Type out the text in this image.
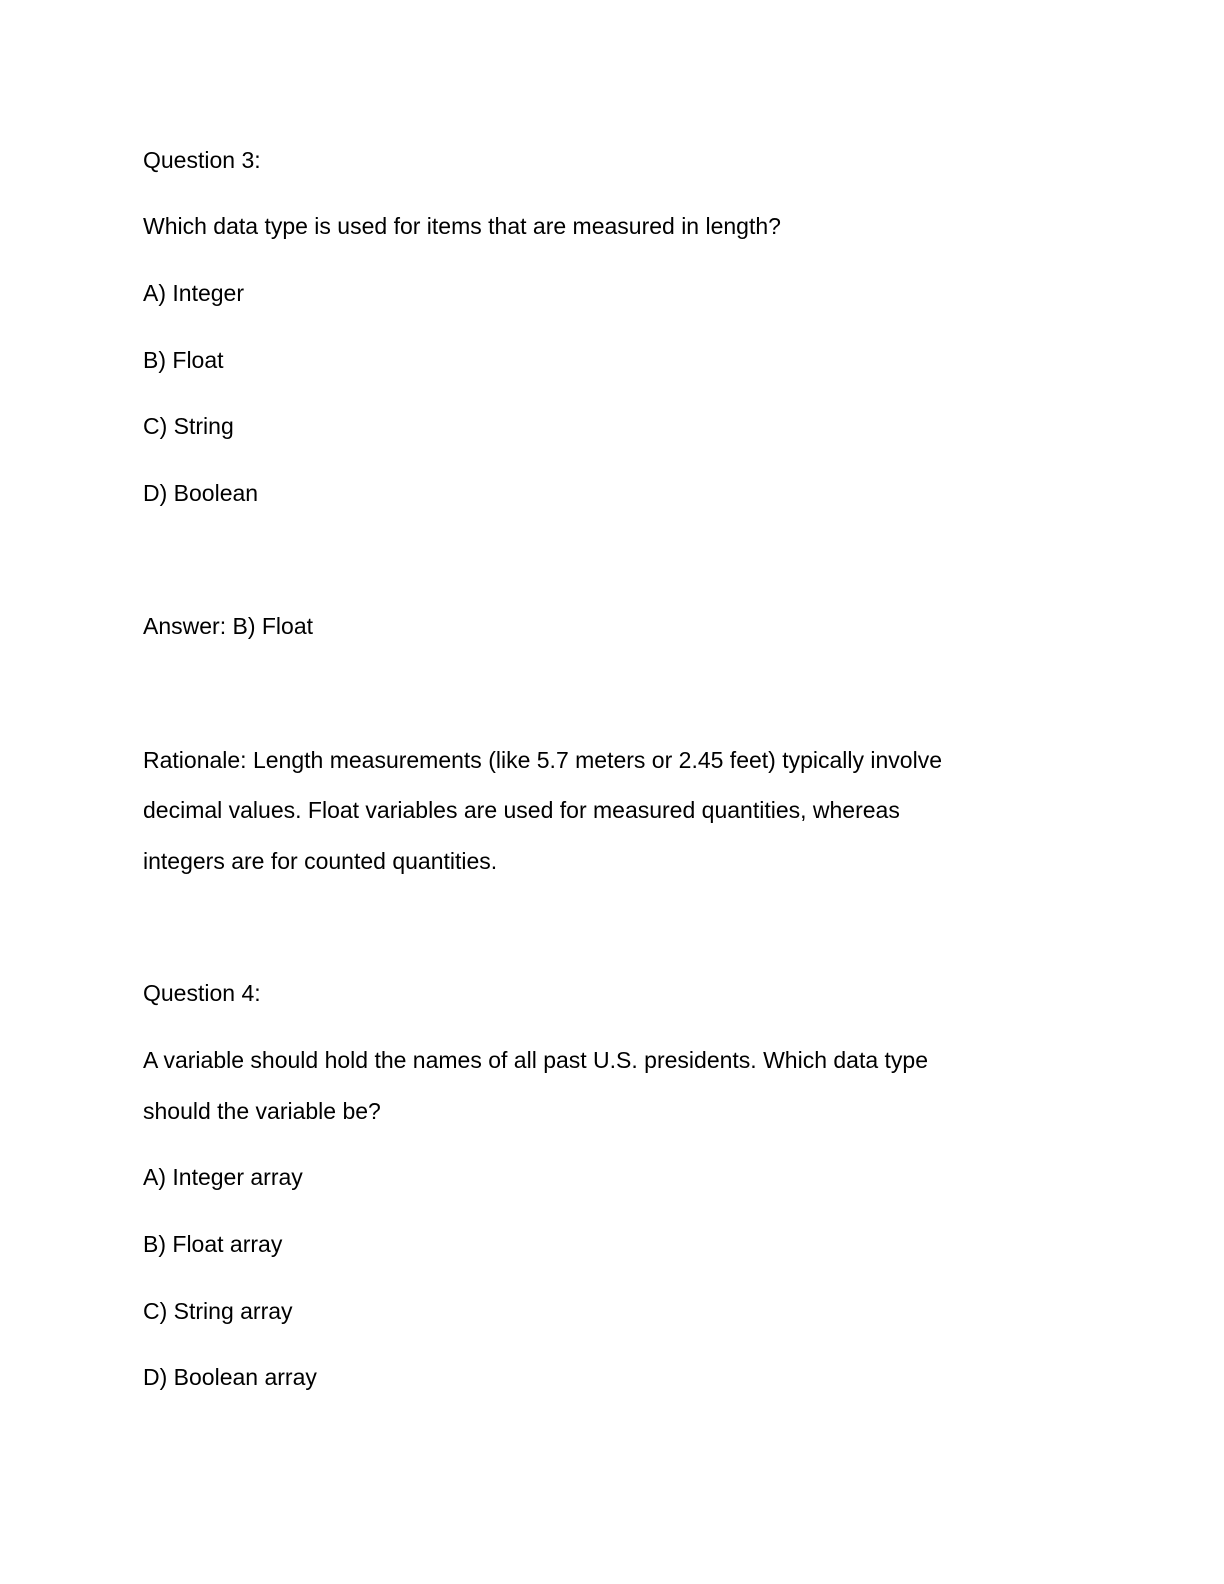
Question 3:
Which data type is used for items that are measured in length?
A) Integer
B) Float
C) String
D) Boolean
Answer: B) Float
Rationale: Length measurements (like 5.7 meters or 2.45 feet) typically involve
decimal values. Float variables are used for measured quantities, whereas
integers are for counted quantities.
Question 4:
A variable should hold the names of all past U.S. presidents. Which data type
should the variable be?
A) Integer array
B) Float array
C) String array
D) Boolean array
